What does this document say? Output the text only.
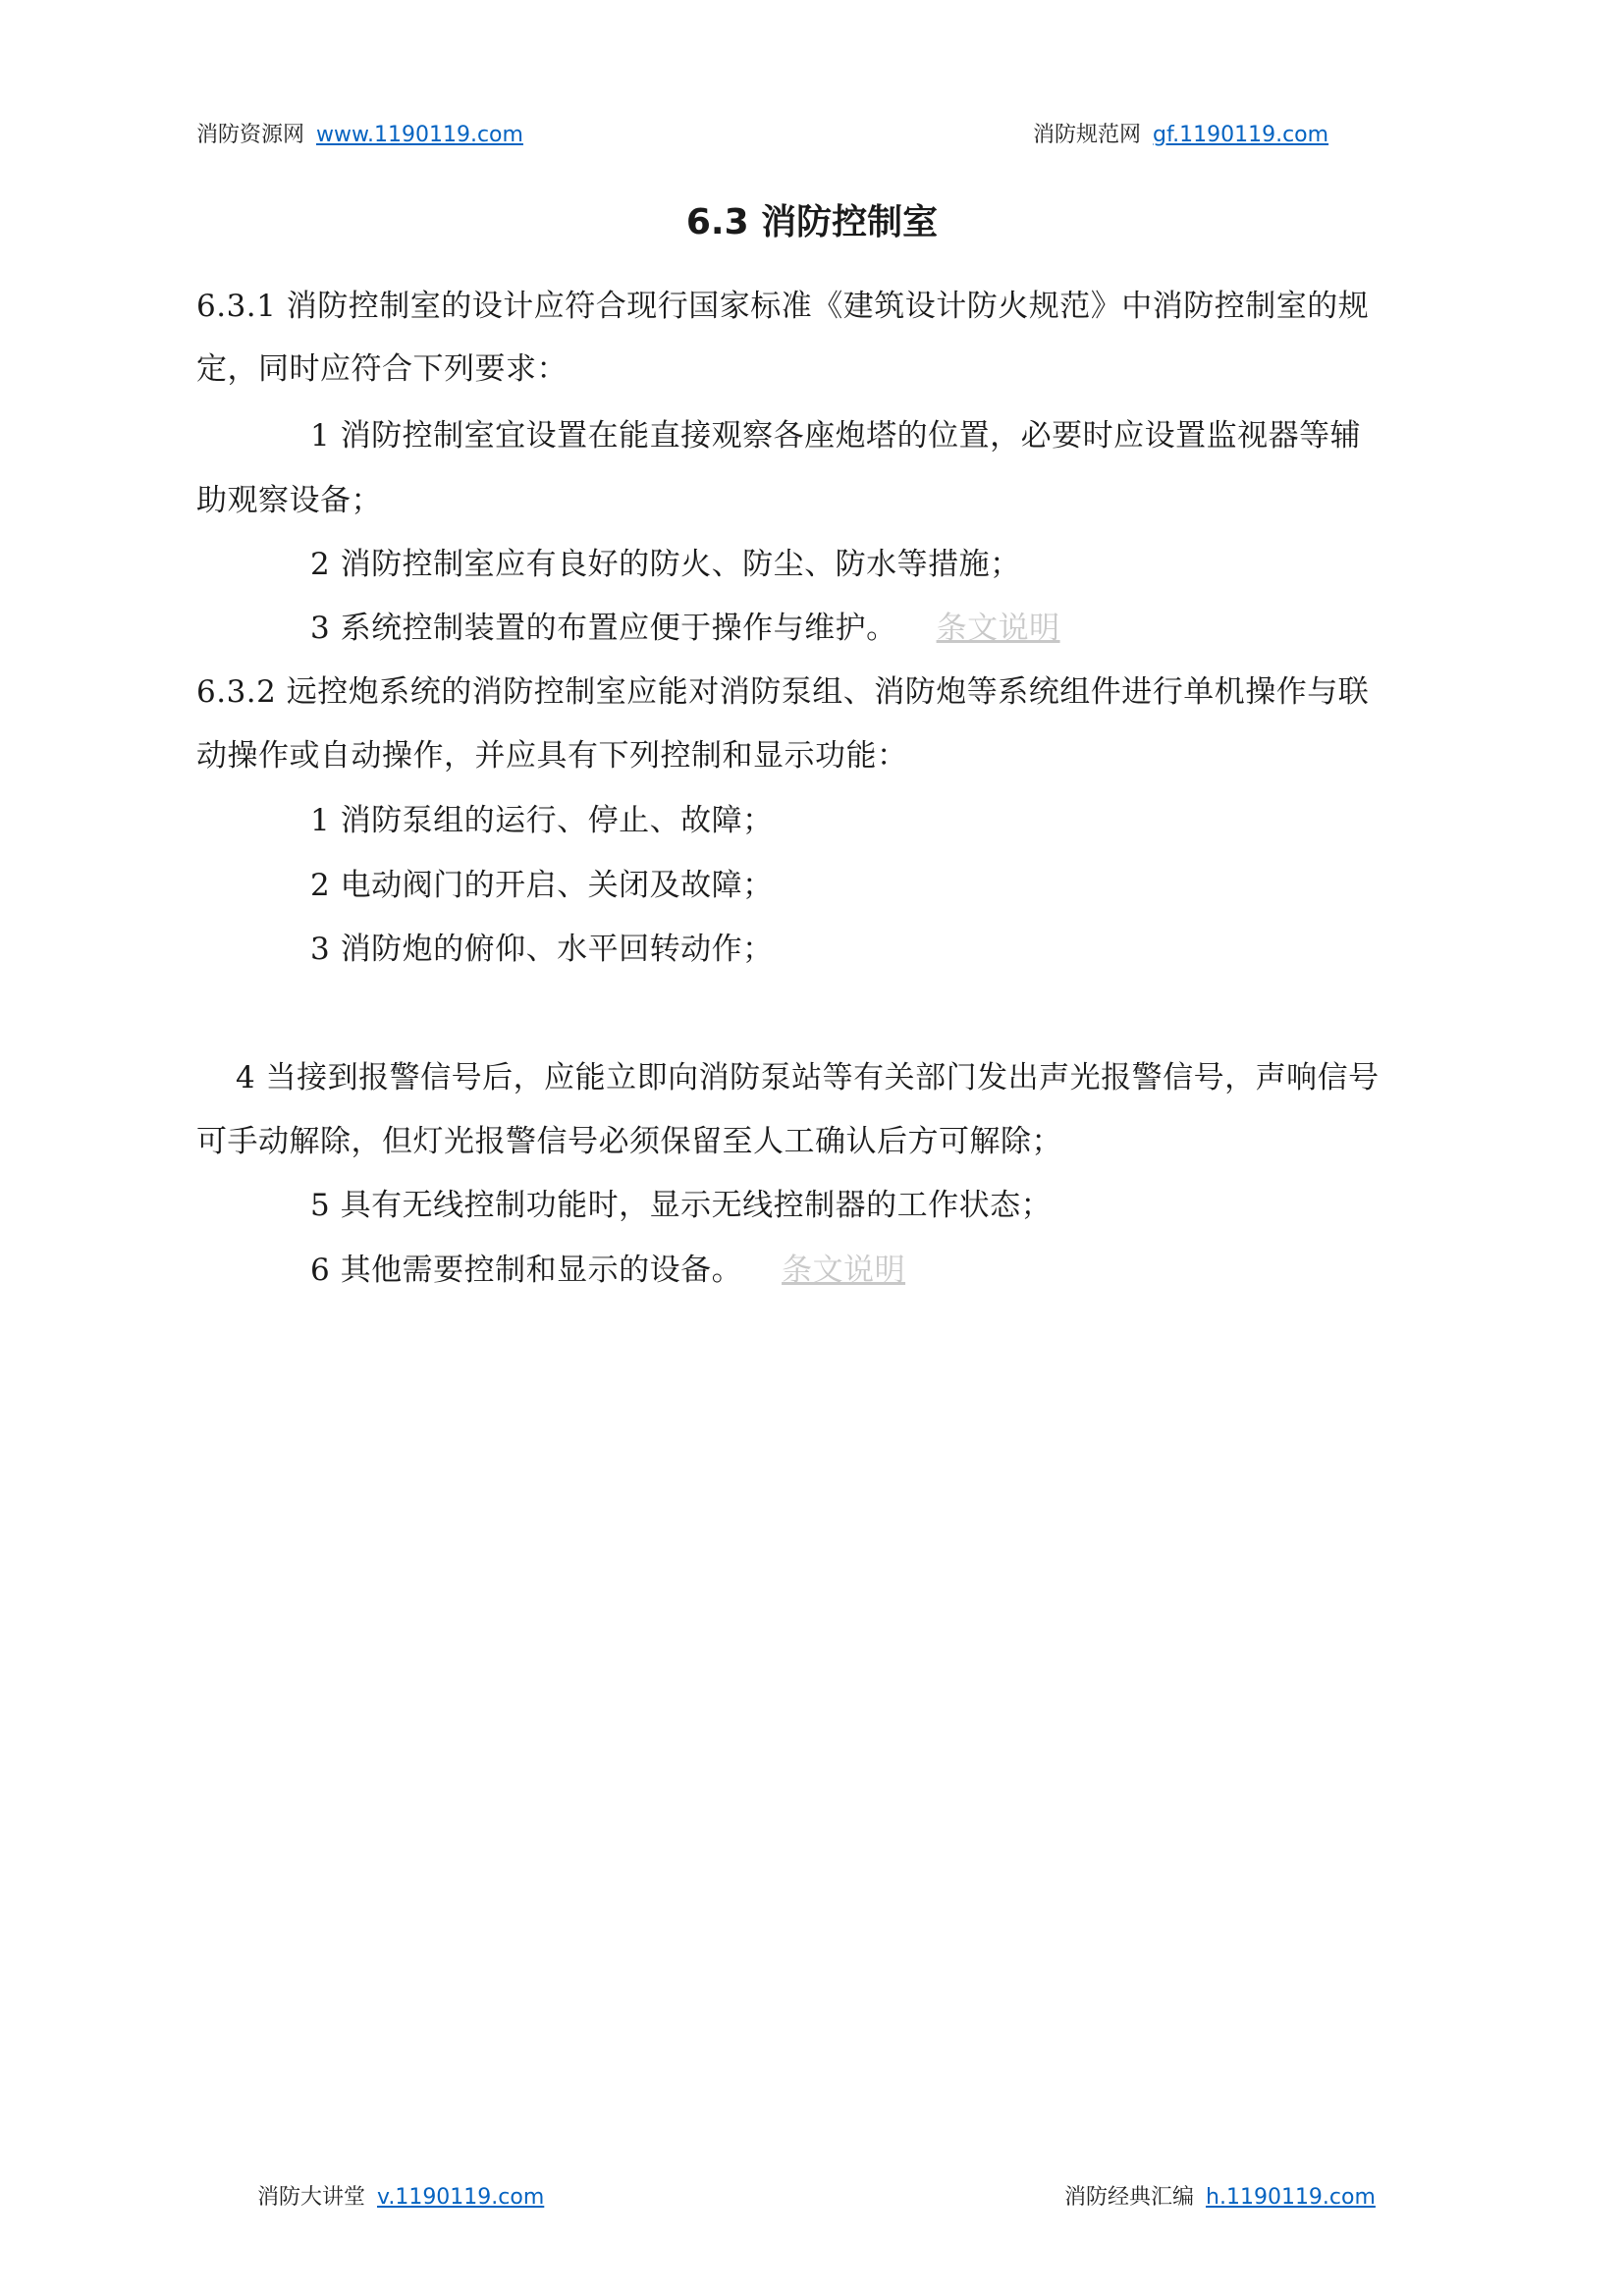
消防资源网 www.1190119.com	消防规范网 gf.1190119.com
6.3 消防控制室
6.3.1 消防控制室的设计应符合现行国家标准《建筑设计防火规范》中消防控制室的规
定，同时应符合下列要求：
1 消防控制室宜设置在能直接观察各座炮塔的位置，必要时应设置监视器等辅
助观察设备；
2 消防控制室应有良好的防火、防尘、防水等措施；
3 系统控制装置的布置应便于操作与维护。 条文说明
6.3.2 远控炮系统的消防控制室应能对消防泵组、消防炮等系统组件进行单机操作与联
动操作或自动操作，并应具有下列控制和显示功能：
1 消防泵组的运行、停止、故障；
2 电动阀门的开启、关闭及故障；
3 消防炮的俯仰、水平回转动作；
4 当接到报警信号后，应能立即向消防泵站等有关部门发出声光报警信号，声响信号
可手动解除，但灯光报警信号必须保留至人工确认后方可解除；
5 具有无线控制功能时，显示无线控制器的工作状态；
6 其他需要控制和显示的设备。 条文说明
消防大讲堂 v.1190119.com	消防经典汇编 h.1190119.com
